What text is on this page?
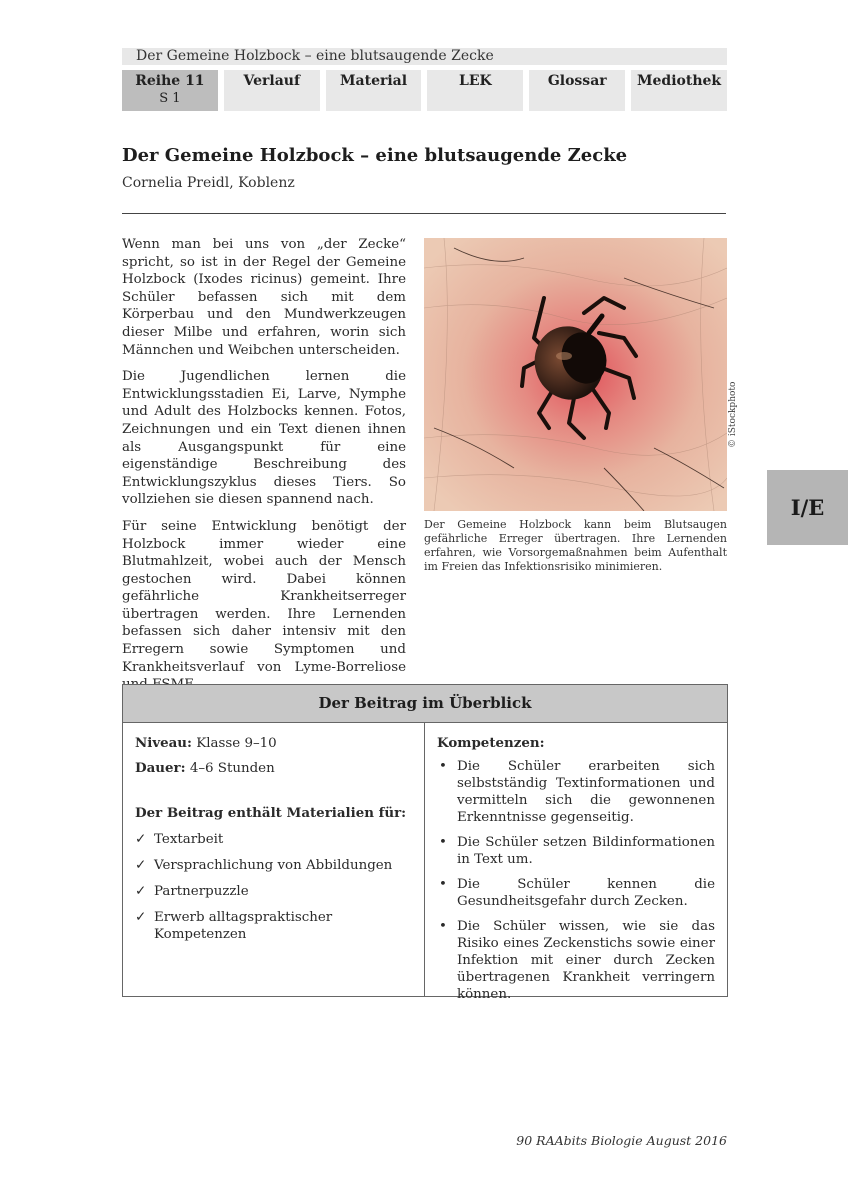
Der Gemeine Holzbock – eine blutsaugende Zecke
Reihe 11
S 1
Verlauf	Material	LEK	Glossar	Mediothek
Der Gemeine Holzbock – eine blutsaugende Zecke
Cornelia Preidl, Koblenz

Wenn man bei uns von „der Zecke“ spricht, so ist in der Regel der Gemeine Holzbock (Ixodes ricinus) gemeint. Ihre Schüler befassen sich mit dem Körperbau und den Mundwerkzeugen dieser Milbe und erfahren, worin sich Männchen und Weibchen unterscheiden.

Die Jugendlichen lernen die Entwicklungsstadien Ei, Larve, Nymphe und Adult des Holzbocks kennen. Fotos, Zeichnungen und ein Text dienen ihnen als Ausgangspunkt für eine eigenständige Beschreibung des Entwicklungszyklus dieses Tiers. So vollziehen sie diesen spannend nach.

Für seine Entwicklung benötigt der Holzbock immer wieder eine Blutmahlzeit, wobei auch der Mensch gestochen wird. Dabei können gefährliche Krankheitserreger übertragen werden. Ihre Lernenden befassen sich daher intensiv mit den Erregern sowie Symptomen und Krankheitsverlauf von Lyme-Borreliose

© iStockphoto
Der Gemeine Holzbock kann beim Blutsaugen gefährliche Erreger übertragen. Ihre Lernenden erfahren, wie Vorsorgemaßnahmen beim Aufenthalt im Freien das Infektionsrisiko minimieren.
I/E
Der Beitrag im Überblick
Niveau: Klasse 9–10
Dauer: 4–6 Stunden
Der Beitrag enthält Materialien für:
✓ Textarbeit
✓ Versprachlichung von Abbildungen
✓ Partnerpuzzle
✓ Erwerb alltagspraktischer Kompetenzen
Kompetenzen:
• Die Schüler erarbeiten sich selbstständig Textinformationen und vermitteln sich die gewonnenen Erkenntnisse gegenseitig.
• Die Schüler setzen Bildinformationen in Text um.
• Die Schüler kennen die Gesundheitsgefahr durch Zecken.
• Die Schüler wissen, wie sie das Risiko eines Zeckenstichs sowie einer Infektion mit einer durch Zecken übertragenen Krankheit verringern können.
90 RAAbits Biologie August 2016
